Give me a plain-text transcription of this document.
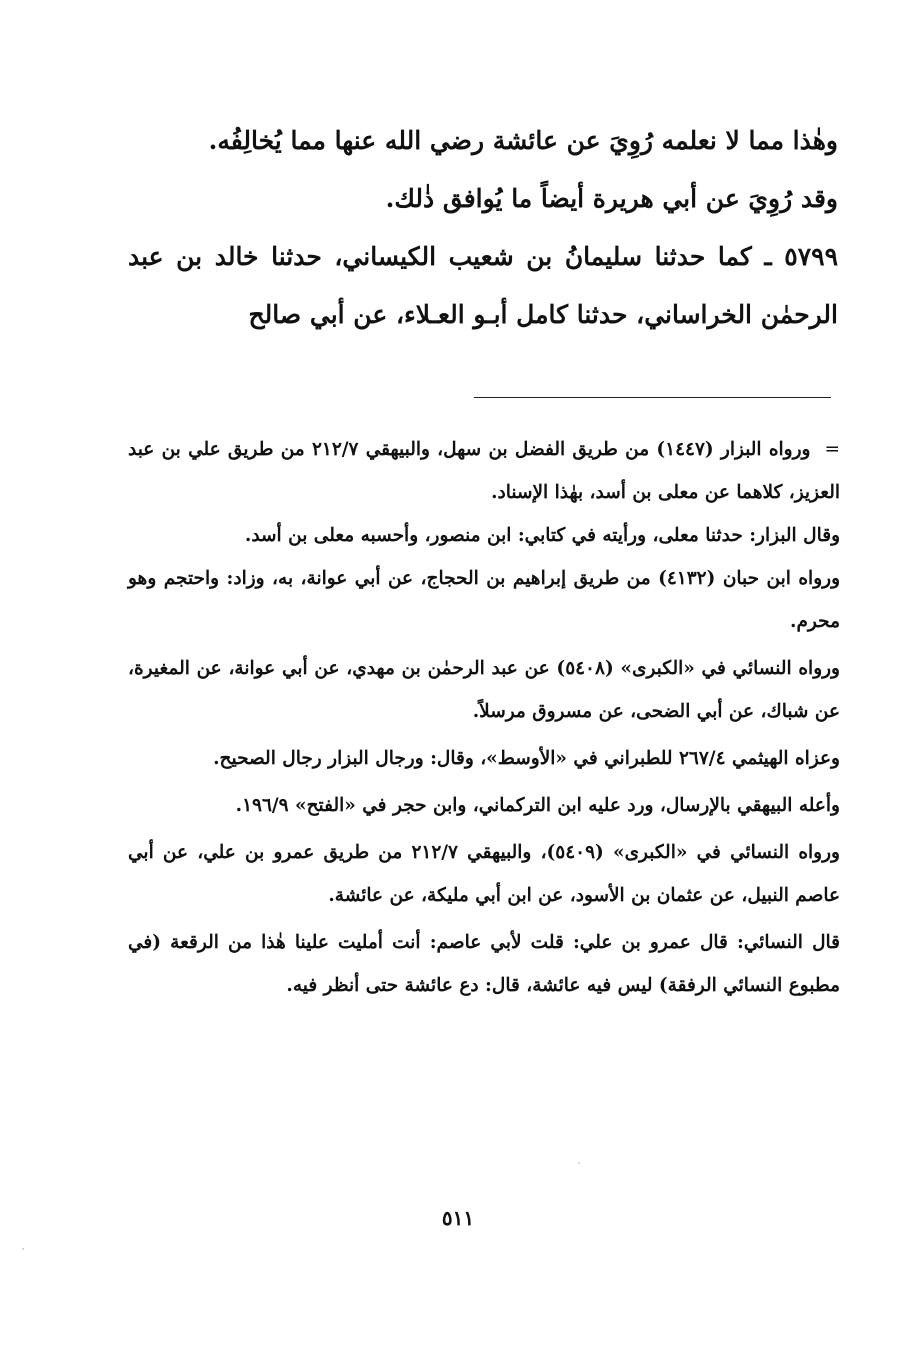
وهٰذا مما لا نعلمه رُوِيَ عن عائشة رضي الله عنها مما يُخالِفُه.

وقد رُوِيَ عن أبي هريرة أيضاً ما يُوافق ذٰلك.

٥٧٩٩ ـ كما حدثنا سليمانُ بن شعيب الكيساني، حدثنا خالد بن عبد الرحمٰن الخراساني، حدثنا كامل أبـو العـلاء، عن أبي صالح

=ورواه البزار (١٤٤٧) من طريق الفضل بن سهل، والبيهقي ٢١٢/٧ من طريق علي بن عبد العزيز، كلاهما عن معلى بن أسد، بهٰذا الإسناد.

وقال البزار: حدثنا معلى، ورأيته في كتابي: ابن منصور، وأحسبه معلى بن أسد.

ورواه ابن حبان (٤١٣٢) من طريق إبراهيم بن الحجاج، عن أبي عوانة، به، وزاد: واحتجم وهو محرم.

ورواه النسائي في «الكبرى» (٥٤٠٨) عن عبد الرحمٰن بن مهدي، عن أبي عوانة، عن المغيرة، عن شباك، عن أبي الضحى، عن مسروق مرسلاً.

وعزاه الهيثمي ٢٦٧/٤ للطبراني في «الأوسط»، وقال: ورجال البزار رجال الصحيح.

وأعله البيهقي بالإرسال، ورد عليه ابن التركماني، وابن حجر في «الفتح» ١٩٦/٩.

ورواه النسائي في «الكبرى» (٥٤٠٩)، والبيهقي ٢١٢/٧ من طريق عمرو بن علي، عن أبي عاصم النبيل، عن عثمان بن الأسود، عن ابن أبي مليكة، عن عائشة.

قال النسائي: قال عمرو بن علي: قلت لأبي عاصم: أنت أمليت علينا هٰذا من الرقعة (في مطبوع النسائي الرفقة) ليس فيه عائشة، قال: دع عائشة حتى أنظر فيه.

٥١١
